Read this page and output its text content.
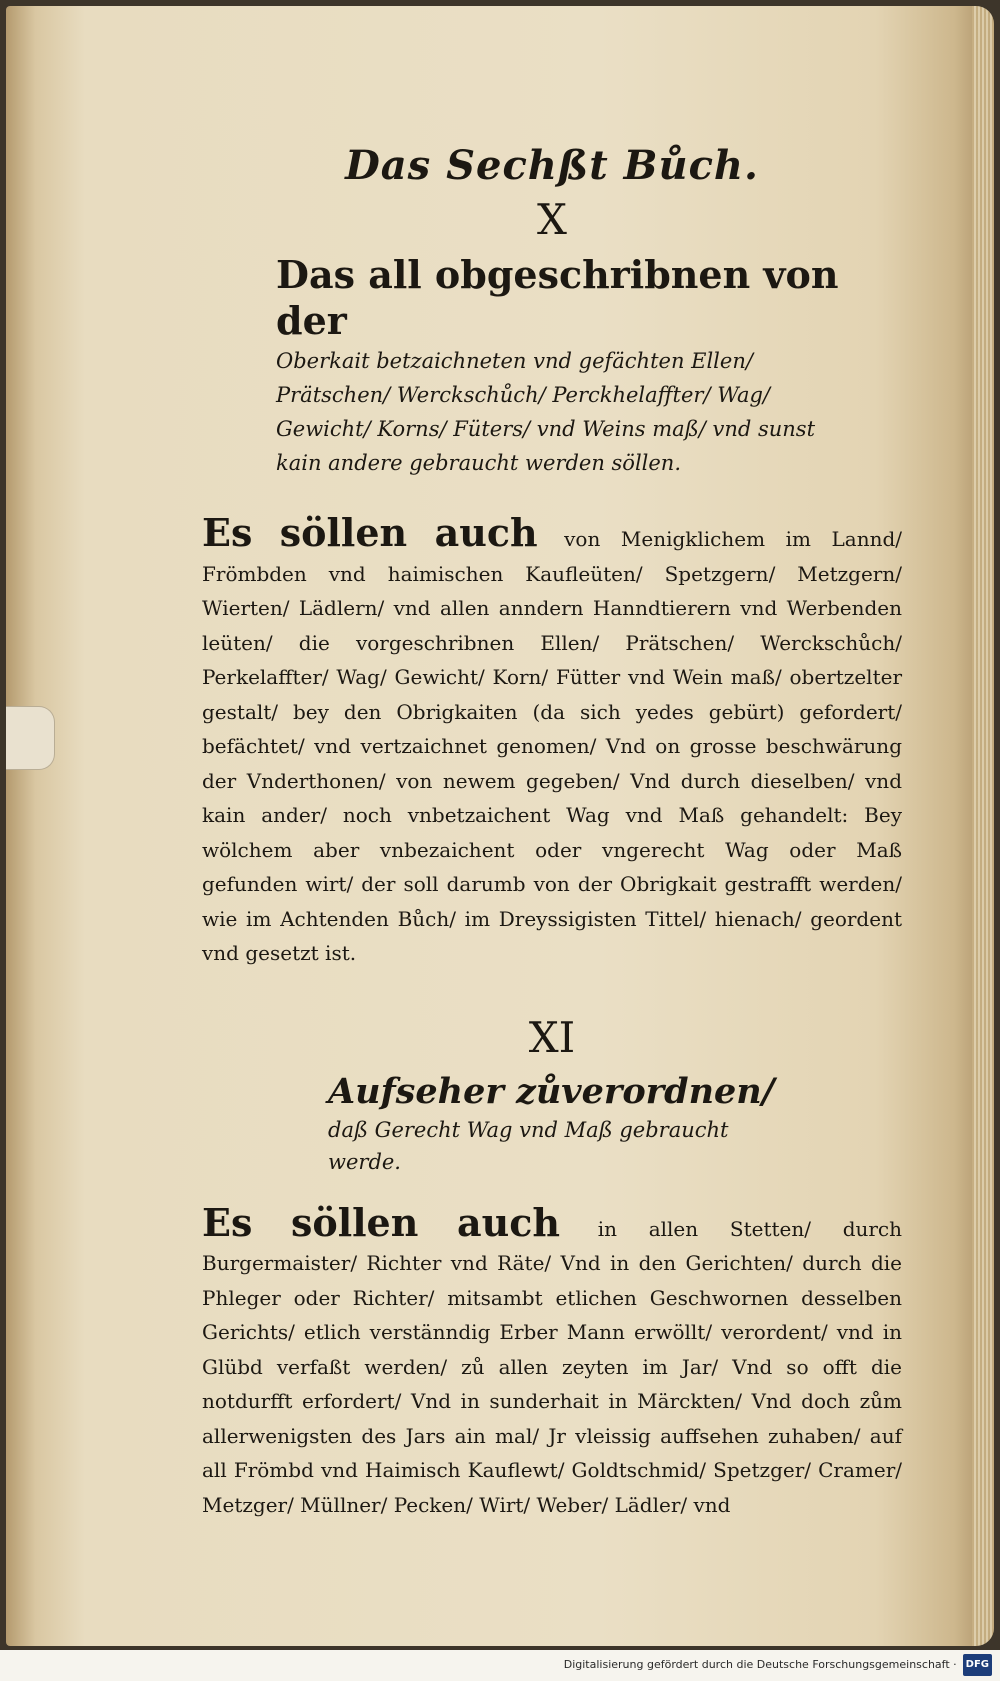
Das Sechßt Bůch.
X
Das all obgeschribnen von der
Oberkait betzaichneten vnd gefächten Ellen/ Prätschen/ Werckschůch/ Perckhelaffter/ Wag/ Gewicht/ Korns/ Füters/ vnd Weins maß/ vnd sunst kain andere gebraucht werden söllen.
Es söllen auch von Menigklichem im Lannd/ Frömbden vnd haimischen Kaufleüten/ Spetzgern/ Metzgern/ Wierten/ Lädlern/ vnd allen anndern Hanndtierern vnd Werbenden leüten/ die vorgeschribnen Ellen/ Prätschen/ Werckschůch/ Perkelaffter/ Wag/ Gewicht/ Korn/ Fütter vnd Wein maß/ obertzelter gestalt/ bey den Obrigkaiten (da sich yedes gebürt) gefordert/ befächtet/ vnd vertzaichnet genomen/ Vnd on grosse beschwärung der Vnderthonen/ von newem gegeben/ Vnd durch dieselben/ vnd kain ander/ noch vnbetzaichent Wag vnd Maß gehandelt: Bey wölchem aber vnbezaichent oder vngerecht Wag oder Maß gefunden wirt/ der soll darumb von der Obrigkait gestrafft werden/ wie im Achtenden Bůch/ im Dreyssigisten Tittel/ hienach/ geordent vnd gesetzt ist.
XI
Aufseher zůverordnen/
daß Gerecht Wag vnd Maß gebraucht werde.
Es söllen auch in allen Stetten/ durch Burgermaister/ Richter vnd Räte/ Vnd in den Gerichten/ durch die Phleger oder Richter/ mitsambt etlichen Geschwornen desselben Gerichts/ etlich verstänndig Erber Mann erwöllt/ verordent/ vnd in Glübd verfaßt werden/ zů allen zeyten im Jar/ Vnd so offt die notdurfft erfordert/ Vnd in sunderhait in Märckten/ Vnd doch zům allerwenigsten des Jars ain mal/ Jr vleissig auffsehen zuhaben/ auf all Frömbd vnd Haimisch Kauflewt/ Goldtschmid/ Spetzger/ Cramer/ Metzger/ Müllner/ Pecken/ Wirt/ Weber/ Lädler/ vnd
Digitalisierung gefördert durch die Deutsche Forschungsgemeinschaft · DFG
